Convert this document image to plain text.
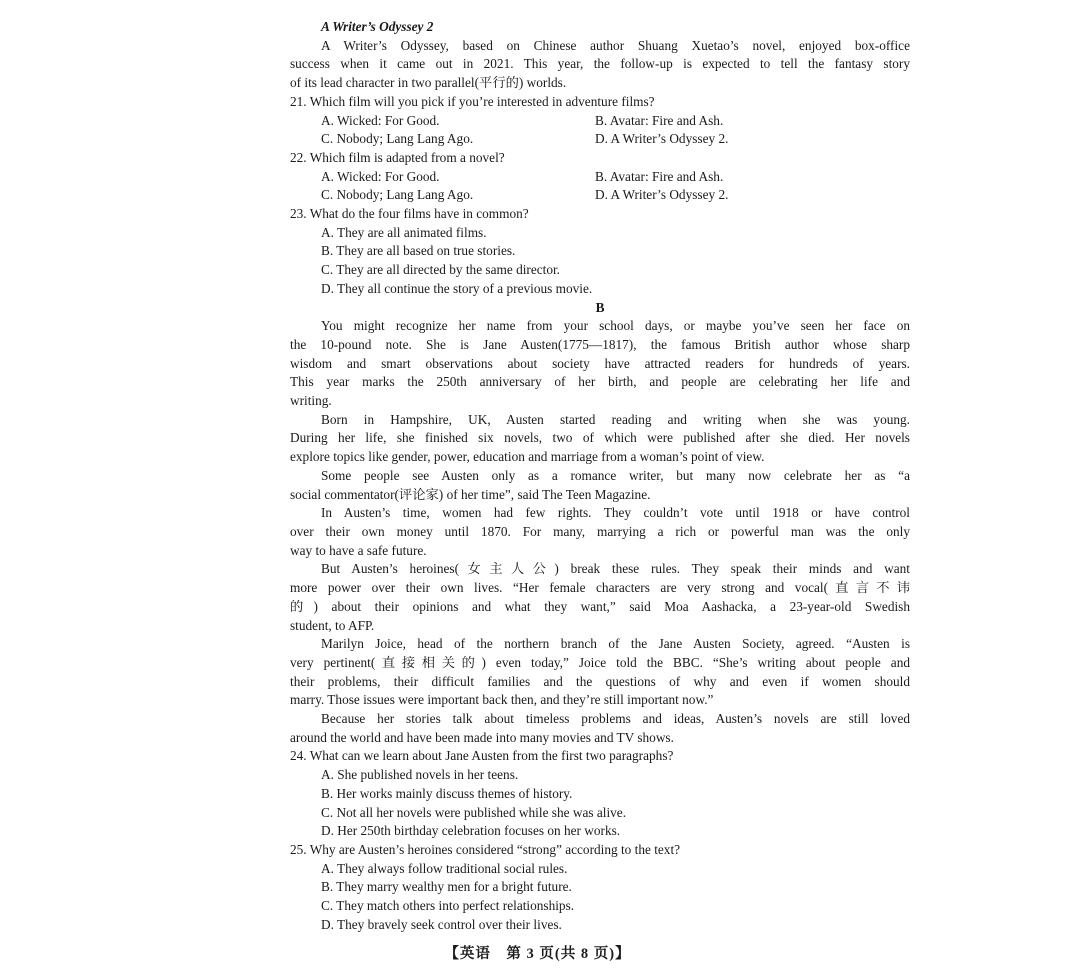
A Writer’s Odyssey 2
A Writer’s Odyssey, based on Chinese author Shuang Xuetao’s novel, enjoyed box-office
success when it came out in 2021. This year, the follow-up is expected to tell the fantasy story
of its lead character in two parallel(平行的) worlds.
21. Which film will you pick if you’re interested in adventure films?
A. Wicked: For Good.	B. Avatar: Fire and Ash.
C. Nobody; Lang Lang Ago.	D. A Writer’s Odyssey 2.
22. Which film is adapted from a novel?
A. Wicked: For Good.	B. Avatar: Fire and Ash.
C. Nobody; Lang Lang Ago.	D. A Writer’s Odyssey 2.
23. What do the four films have in common?
A. They are all animated films.
B. They are all based on true stories.
C. They are all directed by the same director.
D. They all continue the story of a previous movie.
B
You might recognize her name from your school days, or maybe you’ve seen her face on
the 10-pound note. She is Jane Austen(1775—1817), the famous British author whose sharp
wisdom and smart observations about society have attracted readers for hundreds of years.
This year marks the 250th anniversary of her birth, and people are celebrating her life and
writing.
Born in Hampshire, UK, Austen started reading and writing when she was young.
During her life, she finished six novels, two of which were published after she died. Her novels
explore topics like gender, power, education and marriage from a woman’s point of view.
Some people see Austen only as a romance writer, but many now celebrate her as “a
social commentator(评论家) of her time”, said The Teen Magazine.
In Austen’s time, women had few rights. They couldn’t vote until 1918 or have control
over their own money until 1870. For many, marrying a rich or powerful man was the only
way to have a safe future.
But Austen’s heroines(女主人公) break these rules. They speak their minds and want
more power over their own lives. “Her female characters are very strong and vocal(直言不讳
的) about their opinions and what they want,” said Moa Aashacka, a 23-year-old Swedish
student, to AFP.
Marilyn Joice, head of the northern branch of the Jane Austen Society, agreed. “Austen is
very pertinent(直接相关的) even today,” Joice told the BBC. “She’s writing about people and
their problems, their difficult families and the questions of why and even if women should
marry. Those issues were important back then, and they’re still important now.”
Because her stories talk about timeless problems and ideas, Austen’s novels are still loved
around the world and have been made into many movies and TV shows.
24. What can we learn about Jane Austen from the first two paragraphs?
A. She published novels in her teens.
B. Her works mainly discuss themes of history.
C. Not all her novels were published while she was alive.
D. Her 250th birthday celebration focuses on her works.
25. Why are Austen’s heroines considered “strong” according to the text?
A. They always follow traditional social rules.
B. They marry wealthy men for a bright future.
C. They match others into perfect relationships.
D. They bravely seek control over their lives.
【英语　第 3 页(共 8 页)】
